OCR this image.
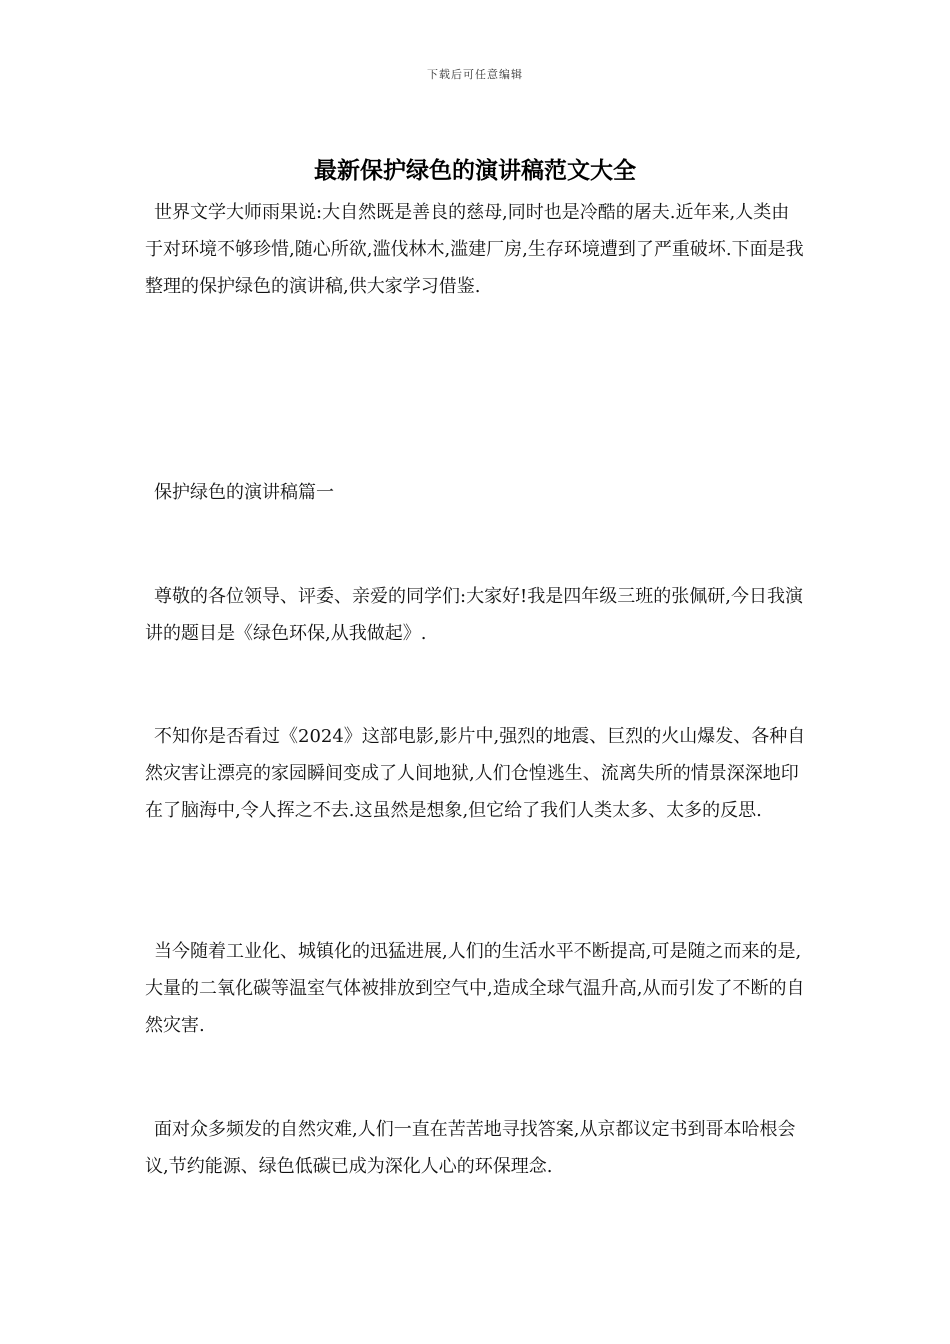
下载后可任意编辑
最新保护绿色的演讲稿范文大全

世界文学大师雨果说:大自然既是善良的慈母,同时也是冷酷的屠夫.近年来,人类由于对环境不够珍惜,随心所欲,滥伐林木,滥建厂房,生存环境遭到了严重破坏.下面是我整理的保护绿色的演讲稿,供大家学习借鉴.

保护绿色的演讲稿篇一

尊敬的各位领导、评委、亲爱的同学们:大家好!我是四年级三班的张佩研,今日我演讲的题目是《绿色环保,从我做起》.

不知你是否看过《2024》这部电影,影片中,强烈的地震、巨烈的火山爆发、各种自然灾害让漂亮的家园瞬间变成了人间地狱,人们仓惶逃生、流离失所的情景深深地印在了脑海中,令人挥之不去.这虽然是想象,但它给了我们人类太多、太多的反思.

当今随着工业化、城镇化的迅猛进展,人们的生活水平不断提高,可是随之而来的是,大量的二氧化碳等温室气体被排放到空气中,造成全球气温升高,从而引发了不断的自然灾害.

面对众多频发的自然灾难,人们一直在苦苦地寻找答案,从京都议定书到哥本哈根会议,节约能源、绿色低碳已成为深化人心的环保理念.
